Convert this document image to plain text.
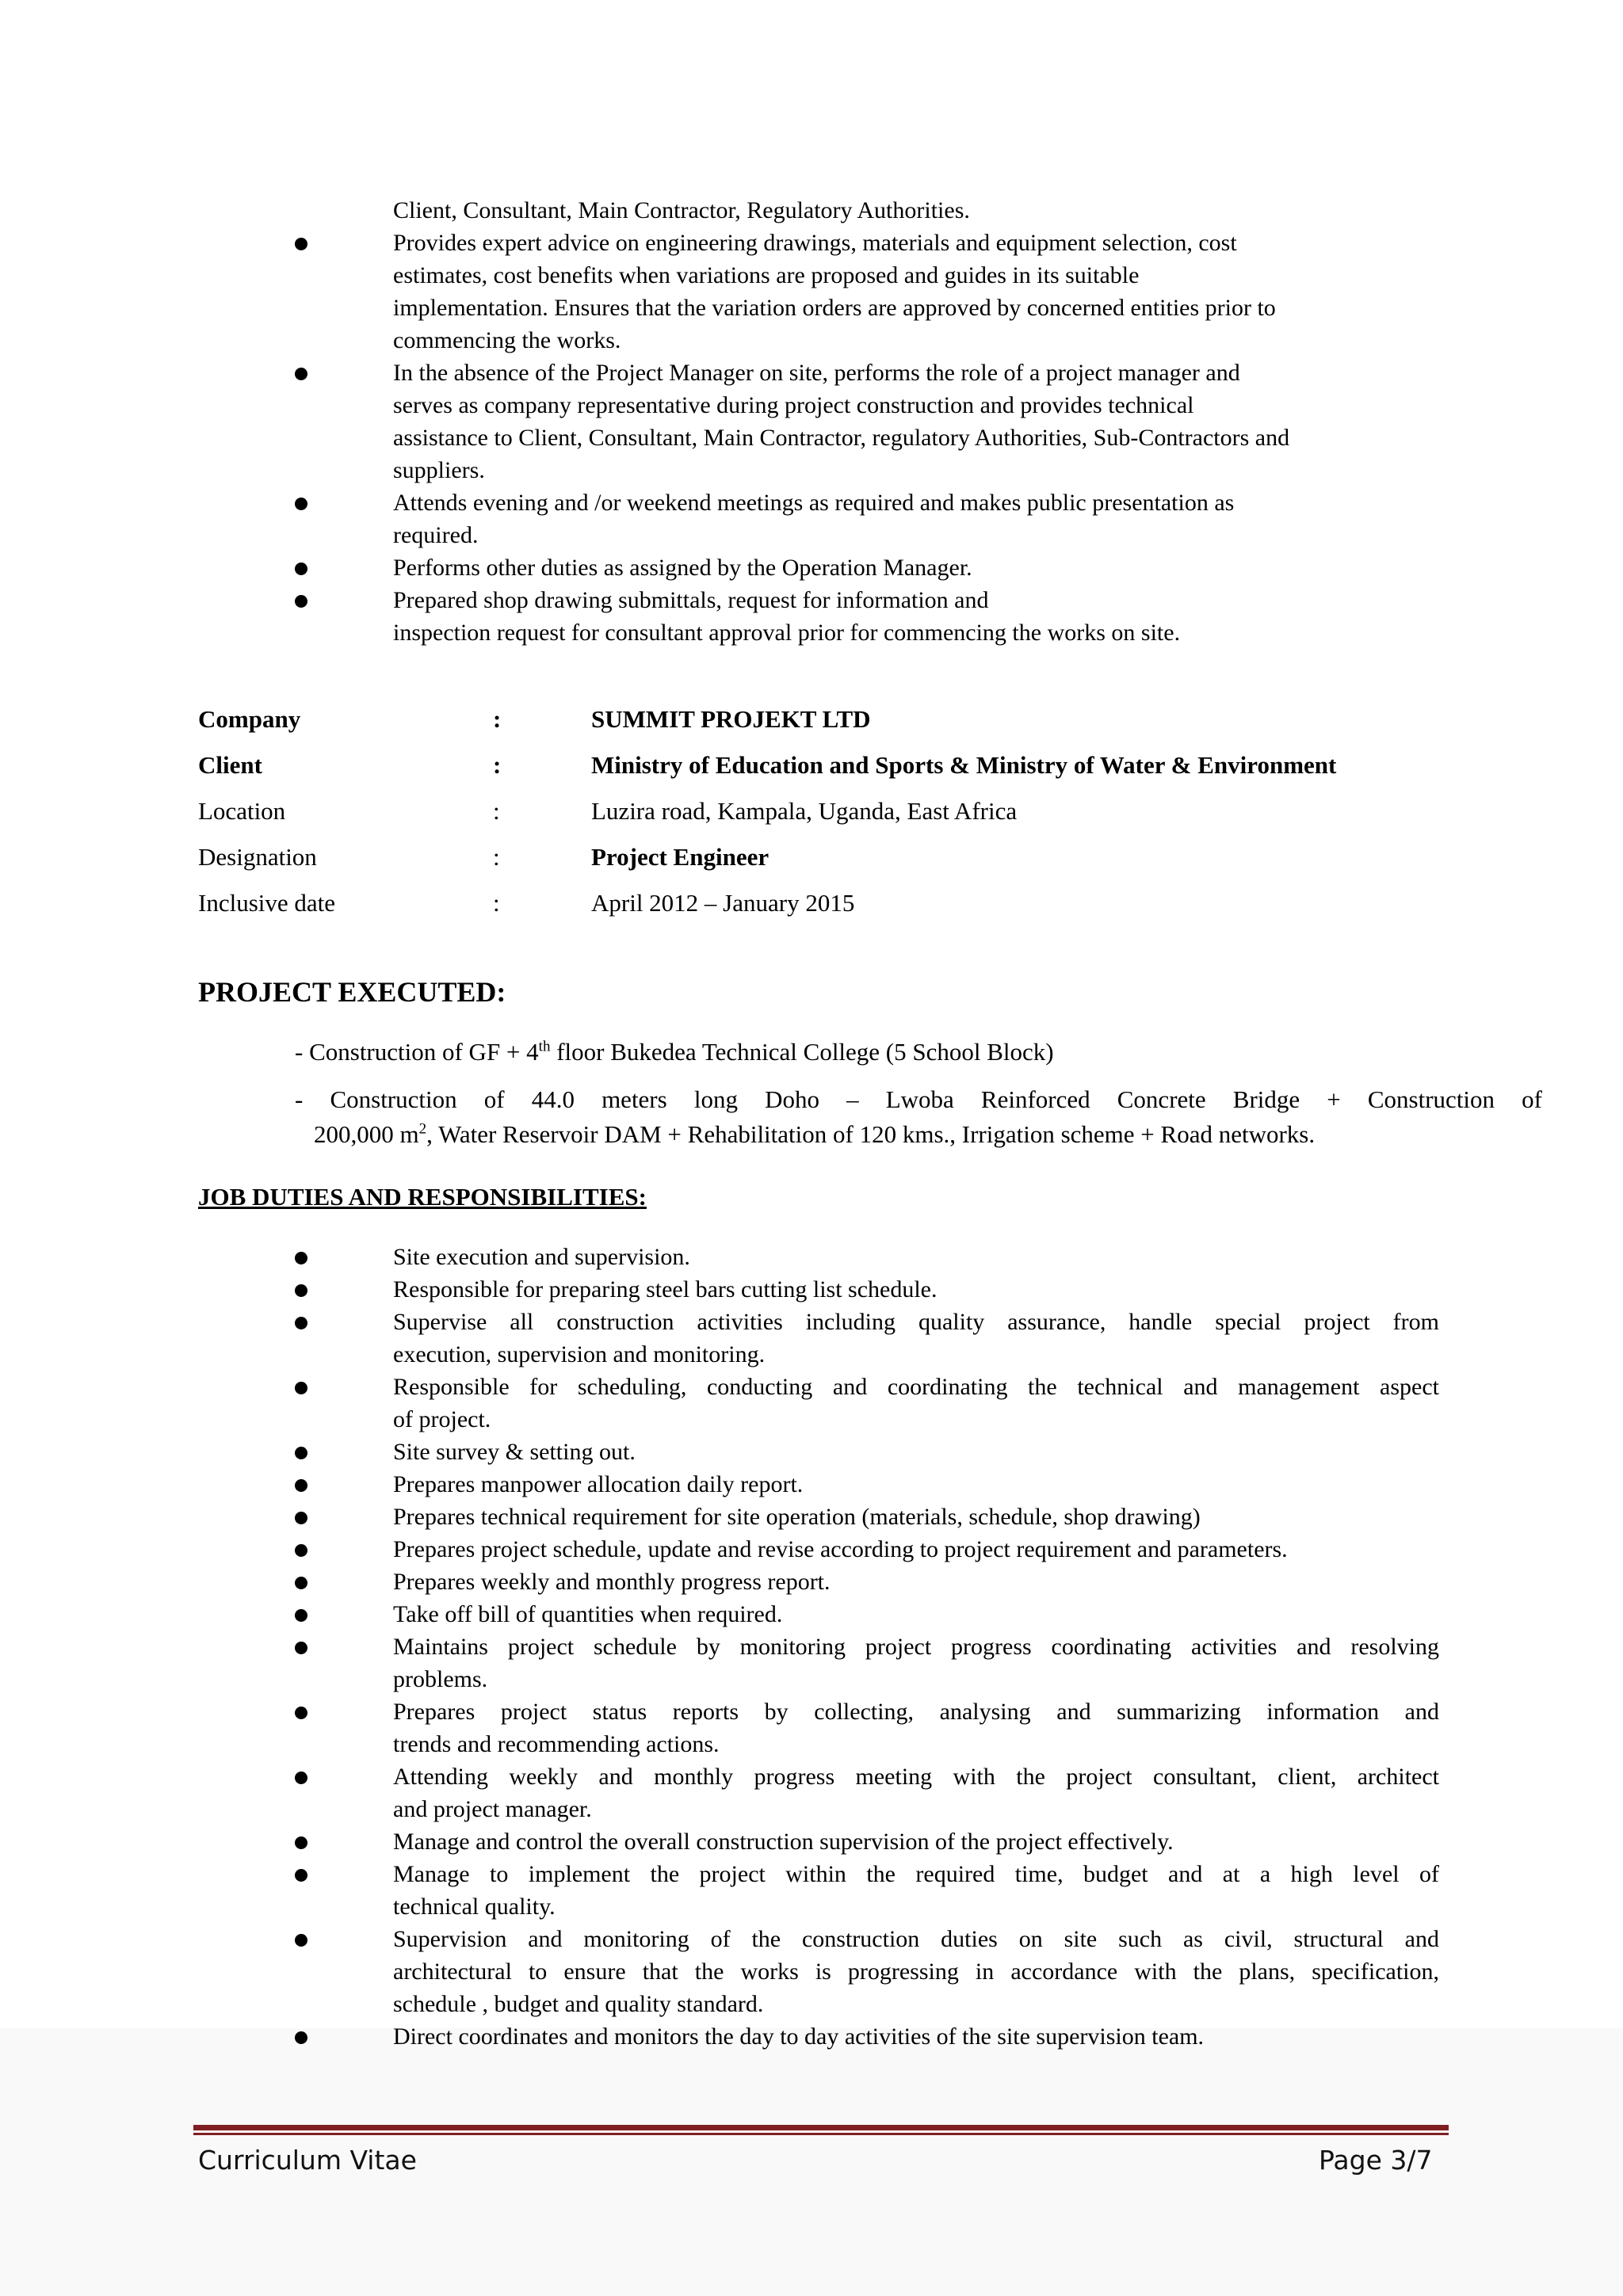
Client, Consultant, Main Contractor, Regulatory Authorities.
Provides expert advice on engineering drawings, materials and equipment selection, cost
estimates, cost benefits when variations are proposed and guides in its suitable
implementation. Ensures that the variation orders are approved by concerned entities prior to
commencing the works.
In the absence of the Project Manager on site, performs the role of a project manager and
serves as company representative during project construction and provides technical
assistance to Client, Consultant, Main Contractor, regulatory Authorities, Sub-Contractors and
suppliers.
Attends evening and /or weekend meetings as required and makes public presentation as
required.
Performs other duties as assigned by the Operation Manager.
Prepared shop drawing submittals, request for information and
inspection request for consultant approval prior for commencing the works on site.
Company	:	SUMMIT PROJEKT LTD
Client	:	Ministry of Education and Sports & Ministry of Water & Environment
Location	:	Luzira road, Kampala, Uganda, East Africa
Designation	:	Project Engineer
Inclusive date	:	April 2012 – January 2015
PROJECT EXECUTED:
- Construction of GF + 4th floor Bukedea Technical College (5 School Block)
- Construction of 44.0 meters long Doho – Lwoba Reinforced Concrete Bridge + Construction of
200,000 $m^2$, Water Reservoir DAM + Rehabilitation of 120 kms., Irrigation scheme + Road networks.
JOB DUTIES AND RESPONSIBILITIES:
Site execution and supervision.
Responsible for preparing steel bars cutting list schedule.
Supervise all construction activities including quality assurance, handle special project from
execution, supervision and monitoring.
Responsible for scheduling, conducting and coordinating the technical and management aspect
of project.
Site survey & setting out.
Prepares manpower allocation daily report.
Prepares technical requirement for site operation (materials, schedule, shop drawing)
Prepares project schedule, update and revise according to project requirement and parameters.
Prepares weekly and monthly progress report.
Take off bill of quantities when required.
Maintains project schedule by monitoring project progress coordinating activities and resolving
problems.
Prepares project status reports by collecting, analysing and summarizing information and
trends and recommending actions.
Attending weekly and monthly progress meeting with the project consultant, client, architect
and project manager.
Manage and control the overall construction supervision of the project effectively.
Manage to implement the project within the required time, budget and at a high level of
technical quality.
Supervision and monitoring of the construction duties on site such as civil, structural and
architectural to ensure that the works is progressing in accordance with the plans, specification,
schedule , budget and quality standard.
Direct coordinates and monitors the day to day activities of the site supervision team.
Curriculum Vitae	Page 3/7
